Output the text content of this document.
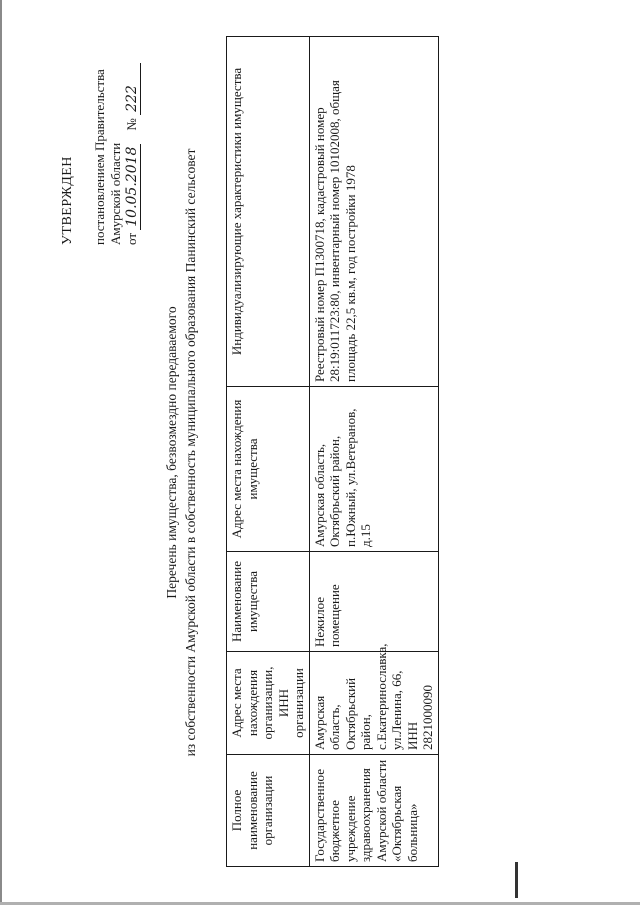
УТВЕРЖДЕН постановлением Правительства Амурской области от 10.05.2018    № 222
Перечень имущества, безвозмездно передаваемого из собственности Амурской области в собственность муниципального образования Панинский сельсовет
Полное наименование организации	Адрес места нахождения организации, ИНН организации	Наименование имущества	Адрес места нахождения имущества	Индивидуализирующие характеристики имущества
Государственное бюджетное учреждение здравоохранения Амурской области «Октябрьская больница»	Амурская область, Октябрьский район, с.Екатеринославка, ул.Ленина, 66, ИНН 2821000090	Нежилое помещение	Амурская область, Октябрьский район, п.Южный, ул.Ветеранов, д.15	Реестровый номер П1300718, кадастровый номер 28:19:011723:80, инвентарный номер 10102008, общая площадь 22,5 кв.м, год постройки 1978
